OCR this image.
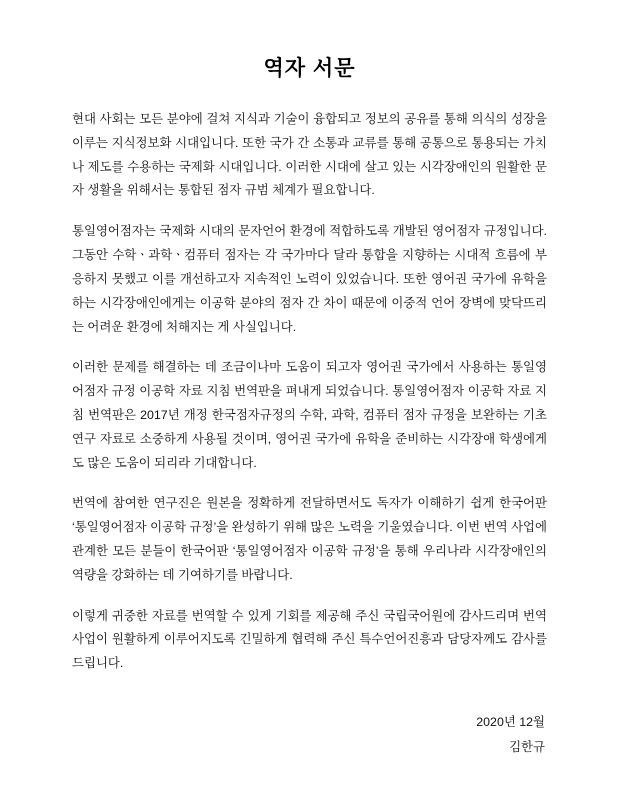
역자 서문

현대 사회는 모든 분야에 걸쳐 지식과 기술이 융합되고 정보의 공유를 통해 의식의 성장을 이루는 지식정보화 시대입니다. 또한 국가 간 소통과 교류를 통해 공통으로 통용되는 가치나 제도를 수용하는 국제화 시대입니다. 이러한 시대에 살고 있는 시각장애인의 원활한 문자 생활을 위해서는 통합된 점자 규범 체계가 필요합니다.

통일영어점자는 국제화 시대의 문자언어 환경에 적합하도록 개발된 영어점자 규정입니다. 그동안 수학ㆍ과학ㆍ컴퓨터 점자는 각 국가마다 달라 통합을 지향하는 시대적 흐름에 부응하지 못했고 이를 개선하고자 지속적인 노력이 있었습니다. 또한 영어권 국가에 유학을 하는 시각장애인에게는 이공학 분야의 점자 간 차이 때문에 이중적 언어 장벽에 맞닥뜨리는 어려운 환경에 처해지는 게 사실입니다.

이러한 문제를 해결하는 데 조금이나마 도움이 되고자 영어권 국가에서 사용하는 통일영어점자 규정 이공학 자료 지침 번역판을 펴내게 되었습니다. 통일영어점자 이공학 자료 지침 번역판은 2017년 개정 한국점자규정의 수학, 과학, 컴퓨터 점자 규정을 보완하는 기초 연구 자료로 소중하게 사용될 것이며, 영어권 국가에 유학을 준비하는 시각장애 학생에게도 많은 도움이 되리라 기대합니다.

번역에 참여한 연구진은 원본을 정확하게 전달하면서도 독자가 이해하기 쉽게 한국어판 ‘통일영어점자 이공학 규정’을 완성하기 위해 많은 노력을 기울였습니다. 이번 번역 사업에 관계한 모든 분들이 한국어판 ‘통일영어점자 이공학 규정’을 통해 우리나라 시각장애인의 역량을 강화하는 데 기여하기를 바랍니다.

이렇게 귀중한 자료를 번역할 수 있게 기회를 제공해 주신 국립국어원에 감사드리며 번역 사업이 원활하게 이루어지도록 긴밀하게 협력해 주신 특수언어진흥과 담당자께도 감사를 드립니다.

2020년 12월
김한규
